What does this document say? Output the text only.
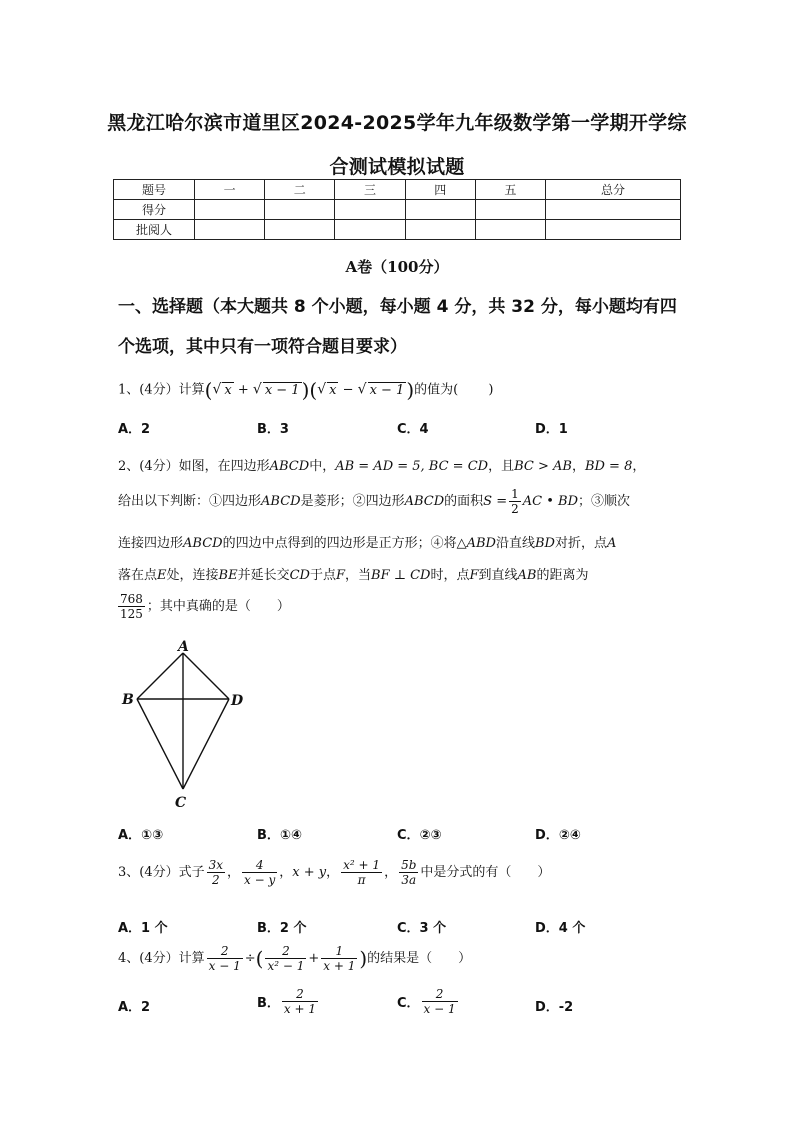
黑龙江哈尔滨市道里区2024-2025学年九年级数学第一学期开学综
合测试模拟试题
题号	一	二	三	四	五	总分
得分						
批阅人						
A卷（100分）
一、选择题（本大题共 8 个小题，每小题 4 分，共 32 分，每小题均有四个选项，其中只有一项符合题目要求）
1、(4分）计算(√ x + √ x − 1 )(√ x − √ x − 1 )的值为(　　 )
A．2	B．3	C．4	D．1
2、(4分）如图，在四边形ABCD中，AB = AD = 5, BC = CD，且BC > AB，BD = 8，
给出以下判断：①四边形ABCD是菱形；②四边形ABCD的面积$S = \frac{1}{2}$ AC • BD；③顺次
连接四边形ABCD的四边中点得到的四边形是正方形；④将△ABD沿直线BD对折，点A
落在点E处，连接BE并延长交CD于点F，当BF ⊥ CD时，点F到直线AB的距离为
$\frac{768}{125}$ ；其中真确的是（　　）
A
B	D
C
A．①③	B．①④	C．②③	D．②④
3、(4分）式子 $\frac{3x}{2}$ ， $\frac{4}{x - y}$ ，x + y， $\frac{\text{x² + 1}}{\pi}$ ， $\frac{5b}{3a}$ 中是分式的有（　　）
A．1 个	B．2 个	C．3 个	D．4 个
4、(4分）计算 $\frac{2}{x - 1}$ ÷( $\frac{2}{\text{x² − 1}} + \frac{1}{x + 1}$ )的结果是（　　）
A．2	B． $\frac{2}{x + 1}$	C． $\frac{2}{x - 1}$	D．-2
